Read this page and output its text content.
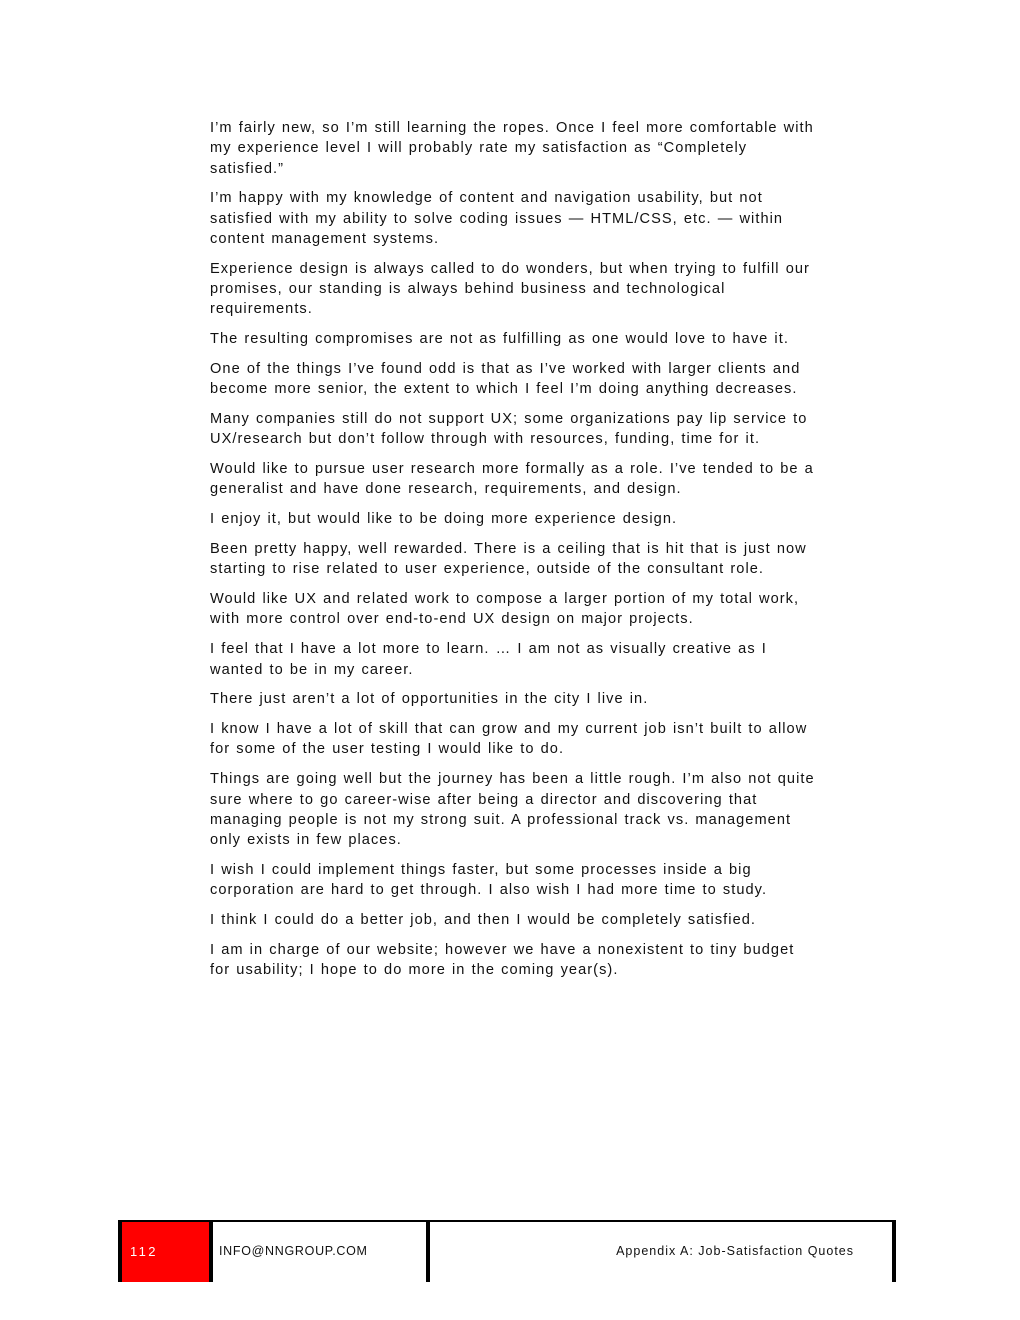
I’m fairly new, so I’m still learning the ropes. Once I feel more comfortable with my experience level I will probably rate my satisfaction as “Completely satisfied.”

I’m happy with my knowledge of content and navigation usability, but not satisfied with my ability to solve coding issues — HTML/CSS, etc. — within content management systems.

Experience design is always called to do wonders, but when trying to fulfill our promises, our standing is always behind business and technological requirements.

The resulting compromises are not as fulfilling as one would love to have it.

One of the things I’ve found odd is that as I’ve worked with larger clients and become more senior, the extent to which I feel I’m doing anything decreases.

Many companies still do not support UX; some organizations pay lip service to UX/research but don’t follow through with resources, funding, time for it.

Would like to pursue user research more formally as a role. I’ve tended to be a generalist and have done research, requirements, and design.

I enjoy it, but would like to be doing more experience design.

Been pretty happy, well rewarded. There is a ceiling that is hit that is just now starting to rise related to user experience, outside of the consultant role.

Would like UX and related work to compose a larger portion of my total work, with more control over end-to-end UX design on major projects.

I feel that I have a lot more to learn. … I am not as visually creative as I wanted to be in my career.

There just aren’t a lot of opportunities in the city I live in.

I know I have a lot of skill that can grow and my current job isn’t built to allow for some of the user testing I would like to do.

Things are going well but the journey has been a little rough. I’m also not quite sure where to go career-wise after being a director and discovering that managing people is not my strong suit. A professional track vs. management only exists in few places.

I wish I could implement things faster, but some processes inside a big corporation are hard to get through. I also wish I had more time to study.

I think I could do a better job, and then I would be completely satisfied.

I am in charge of our website; however we have a nonexistent to tiny budget for usability; I hope to do more in the coming year(s).

112	INFO@NNGROUP.COM	Appendix A: Job-Satisfaction Quotes
